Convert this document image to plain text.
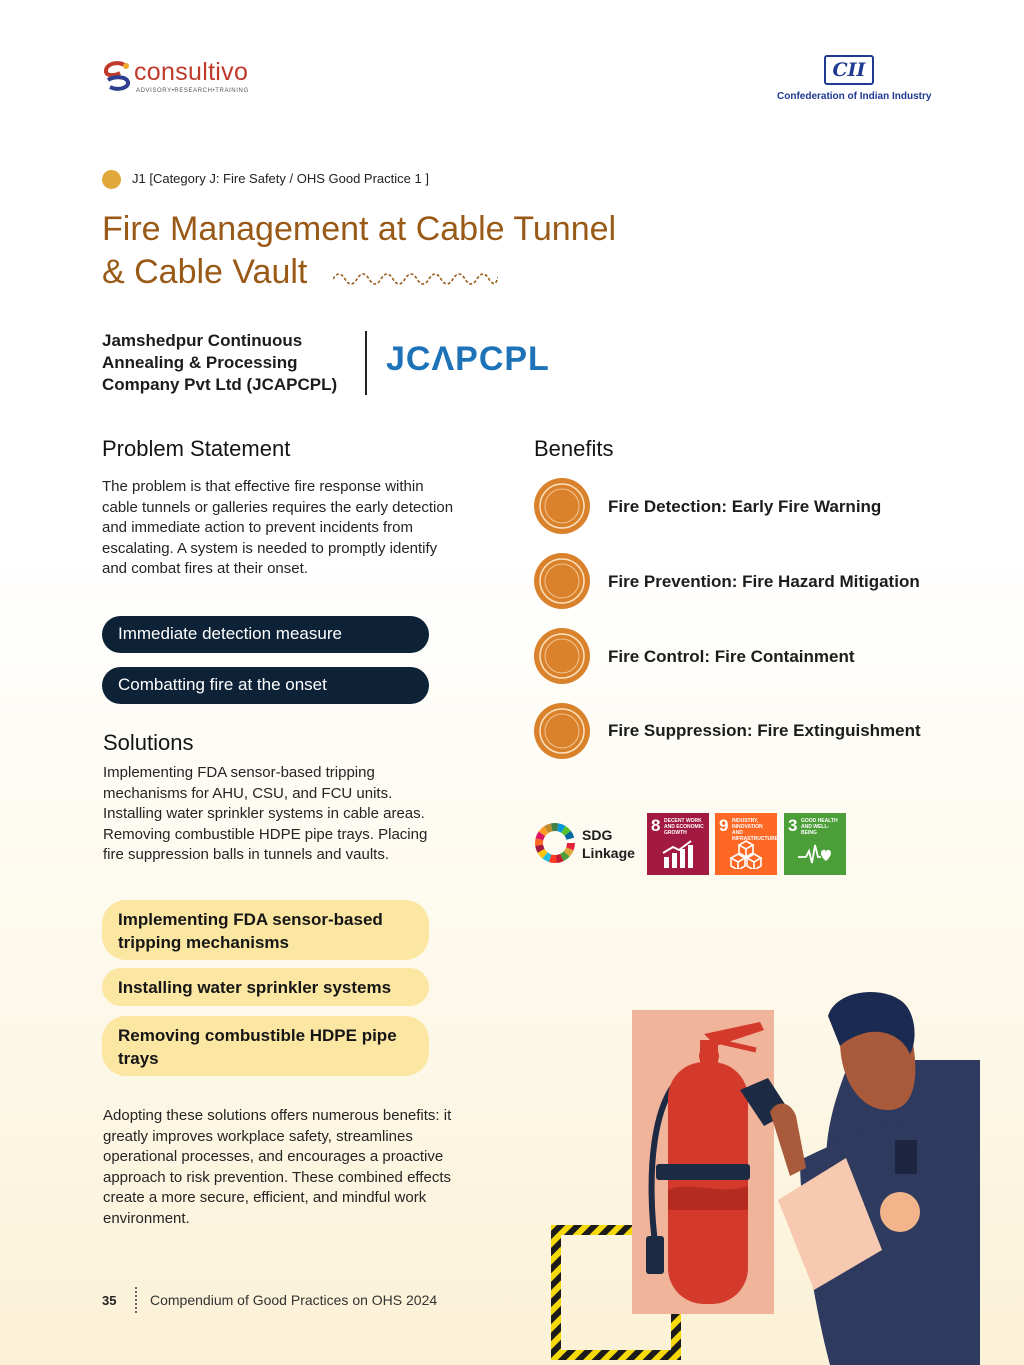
consultivo
ADVISORY•RESEARCH•TRAINING
CII
Confederation of Indian Industry
J1 [Category J: Fire Safety / OHS Good Practice 1 ]
Fire Management at Cable Tunnel
& Cable Vault
Jamshedpur Continuous
Annealing & Processing
Company Pvt Ltd (JCAPCPL)
JCΛPCPL
Problem Statement
The problem is that effective fire response within cable tunnels or galleries requires the early detection and immediate action to prevent incidents from escalating. A system is needed to promptly identify and combat fires at their onset.
Immediate detection measure
Combatting fire at the onset
Solutions
Implementing FDA sensor-based tripping mechanisms for AHU, CSU, and FCU units. Installing water sprinkler systems in cable areas. Removing combustible HDPE pipe trays. Placing fire suppression balls in tunnels and vaults.
Implementing FDA sensor-based tripping mechanisms
Installing water sprinkler systems
Removing combustible HDPE pipe trays
Adopting these solutions offers numerous benefits: it greatly improves workplace safety, streamlines operational processes, and encourages a proactive approach to risk prevention. These combined effects create a more secure, efficient, and mindful work environment.
Benefits
Fire Detection: Early Fire Warning
Fire Prevention: Fire Hazard Mitigation
Fire Control: Fire Containment
Fire Suppression: Fire Extinguishment
SDG
Linkage
8 DECENT WORK AND ECONOMIC GROWTH	9 INDUSTRY, INNOVATION AND INFRASTRUCTURE
3 GOOD HEALTH AND WELL-BEING
35 Compendium of Good Practices on OHS 2024
